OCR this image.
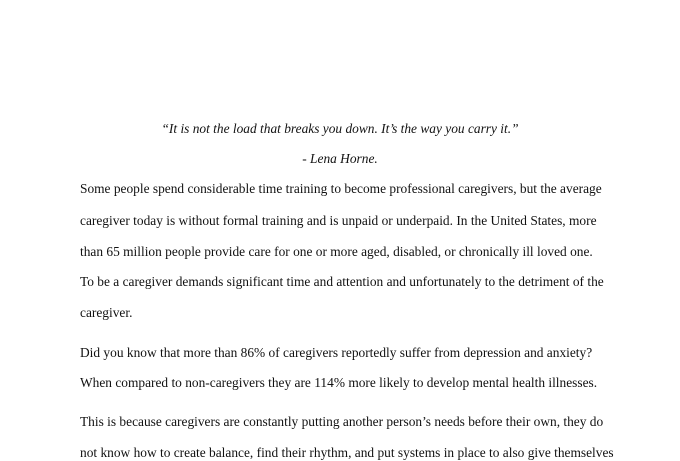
“It is not the load that breaks you down. It’s the way you carry it.”
- Lena Horne.
Some people spend considerable time training to become professional caregivers, but the average
caregiver today is without formal training and is unpaid or underpaid. In the United States, more
than 65 million people provide care for one or more aged, disabled, or chronically ill loved one.
To be a caregiver demands significant time and attention and unfortunately to the detriment of the
caregiver.
Did you know that more than 86% of caregivers reportedly suffer from depression and anxiety?
When compared to non-caregivers they are 114% more likely to develop mental health illnesses.
This is because caregivers are constantly putting another person’s needs before their own, they do
not know how to create balance, find their rhythm, and put systems in place to also give themselves
